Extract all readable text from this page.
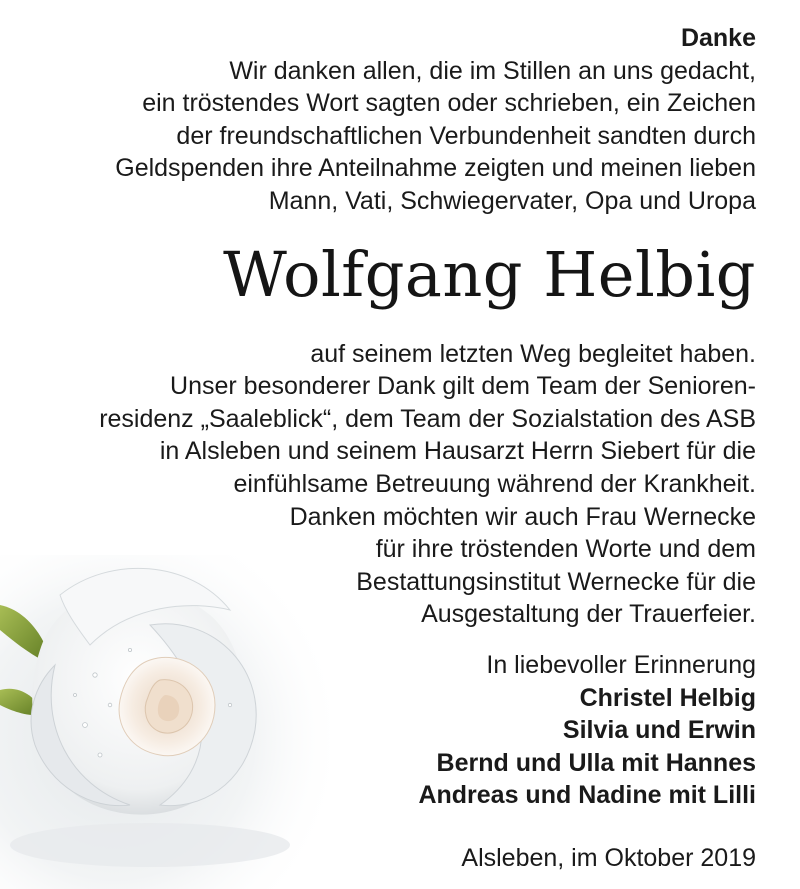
Danke
Wir danken allen, die im Stillen an uns gedacht,
ein tröstendes Wort sagten oder schrieben, ein Zeichen
der freundschaftlichen Verbundenheit sandten durch
Geldspenden ihre Anteilnahme zeigten und meinen lieben
Mann, Vati, Schwiegervater, Opa und Uropa
Wolfgang Helbig
auf seinem letzten Weg begleitet haben.
Unser besonderer Dank gilt dem Team der Senioren-
residenz „Saaleblick“, dem Team der Sozialstation des ASB
in Alsleben und seinem Hausarzt Herrn Siebert für die
einfühlsame Betreuung während der Krankheit.
Danken möchten wir auch Frau Wernecke
für ihre tröstenden Worte und dem
Bestattungsinstitut Wernecke für die
Ausgestaltung der Trauerfeier.
In liebevoller Erinnerung
Christel Helbig
Silvia und Erwin
Bernd und Ulla mit Hannes
Andreas und Nadine mit Lilli
Alsleben, im Oktober 2019
